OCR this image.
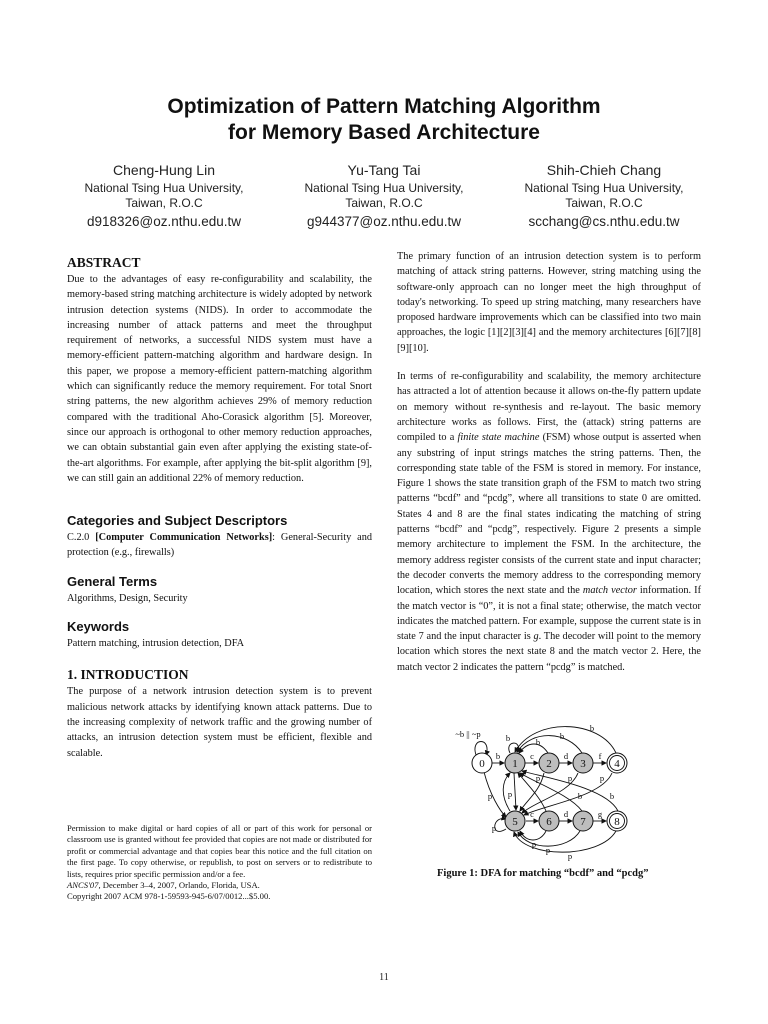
Optimization of Pattern Matching Algorithm
for Memory Based Architecture
Cheng-Hung Lin
National Tsing Hua University,
Taiwan, R.O.C
d918326@oz.nthu.edu.tw
Yu-Tang Tai
National Tsing Hua University,
Taiwan, R.O.C
g944377@oz.nthu.edu.tw
Shih-Chieh Chang
National Tsing Hua University,
Taiwan, R.O.C
scchang@cs.nthu.edu.tw
ABSTRACT

Due to the advantages of easy re-configurability and scalability, the memory-based string matching architecture is widely adopted by network intrusion detection systems (NIDS). In order to accommodate the increasing number of attack patterns and meet the throughput requirement of networks, a successful NIDS system must have a memory-efficient pattern-matching algorithm and hardware design. In this paper, we propose a memory-efficient pattern-matching algorithm which can significantly reduce the memory requirement. For total Snort string patterns, the new algorithm achieves 29% of memory reduction compared with the traditional Aho-Corasick algorithm [5]. Moreover, since our approach is orthogonal to other memory reduction approaches, we can obtain substantial gain even after applying the existing state-of-the-art algorithms. For example, after applying the bit-split algorithm [9], we can still gain an additional 22% of memory reduction.

Categories and Subject Descriptors

C.2.0 [Computer Communication Networks]: General-Security and protection (e.g., firewalls)

General Terms

Algorithms, Design, Security

Keywords

Pattern matching, intrusion detection, DFA

1. INTRODUCTION

The purpose of a network intrusion detection system is to prevent malicious network attacks by identifying known attack patterns. Due to the increasing complexity of network traffic and the growing number of attacks, an intrusion detection system must be efficient, flexible and scalable.

Permission to make digital or hard copies of all or part of this work for personal or classroom use is granted without fee provided that copies are not made or distributed for profit or commercial advantage and that copies bear this notice and the full citation on the first page. To copy otherwise, or republish, to post on servers or to redistribute to lists, requires prior specific permission and/or a fee.

ANCS'07, December 3–4, 2007, Orlando, Florida, USA.

Copyright 2007 ACM 978-1-59593-945-6/07/0012...$5.00.

The primary function of an intrusion detection system is to perform matching of attack string patterns. However, string matching using the software-only approach can no longer meet the high throughput of today's networking. To speed up string matching, many researchers have proposed hardware improvements which can be classified into two main approaches, the logic [1][2][3][4] and the memory architectures [6][7][8][9][10].

In terms of re-configurability and scalability, the memory architecture has attracted a lot of attention because it allows on-the-fly pattern update on memory without re-synthesis and re-layout. The basic memory architecture works as follows. First, the (attack) string patterns are compiled to a finite state machine (FSM) whose output is asserted when any substring of input strings matches the string patterns. Then, the corresponding state table of the FSM is stored in memory. For instance, Figure 1 shows the state transition graph of the FSM to match two string patterns “bcdf” and “pcdg”, where all transitions to state 0 are omitted. States 4 and 8 are the final states indicating the matching of string patterns “bcdf” and “pcdg”, respectively. Figure 2 presents a simple memory architecture to implement the FSM. In the architecture, the memory address register consists of the current state and input character; the decoder converts the memory address to the corresponding memory location, which stores the next state and the match vector information. If the match vector is “0”, it is not a final state; otherwise, the match vector indicates the matched pattern. For example, suppose the current state is in state 7 and the input character is g. The decoder will point to the memory location which stores the next state 8 and the match vector 2. Here, the match vector 2 indicates the pattern “pcdg” is matched.

0	1	2	3	4
5	6	7	8
~b || ~p
b	c	d	f
p
c	d	g
b
p
b
b
b
p	p
p	b
p
b
p
p
p
Figure 1: DFA for matching “bcdf” and “pcdg”
11
